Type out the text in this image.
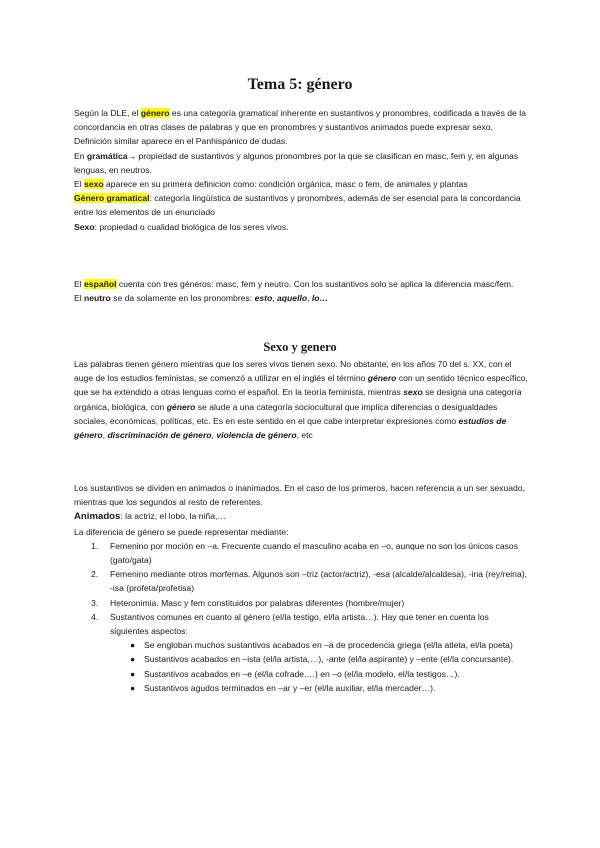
Tema 5: género

Según la DLE, el género es una categoría gramatical inherente en sustantivos y pronombres, codificada a través de la concordancia en otras clases de palabras y que en pronombres y sustantivos animados puede expresar sexo. Definición similar aparece en el Panhispánico de dudas.

En gramática→ propiedad de sustantivos y algunos pronombres por la que se clasifican en masc, fem y, en algunas lenguas, en neutros.

El sexo aparece en su primera definicion como: condición orgánica, masc o fem, de animales y plantas

Género gramatical: categoría lingüística de sustantivos y pronombres, además de ser esencial para la concordancia entre los elementos de un enunciado

Sexo: propiedad o cualidad biológica de los seres vivos.

El español cuenta con tres géneros: masc, fem y neutro. Con los sustantivos solo se aplica la diferencia masc/fem.

El neutro se da solamente en los pronombres: esto, aquello, lo…

Sexo y genero

Las palabras tienen género mientras que los seres vivos tienen sexo. No obstante, en los años 70 del s. XX, con el auge de los estudios feministas, se comenzó a utilizar en el inglés el término género con un sentido técnico específico, que se ha extendido a otras lenguas como el español. En la teoría feminista, mientras sexo se designa una categoría orgánica, biológica, con género se alude a una categoría sociocultural que implica diferencias o desigualdades sociales, económicas, políticas, etc. Es en este sentido en el que cabe interpretar expresiones como estudios de género, discriminación de género, violencia de género, etc

Los sustantivos se dividen en animados o inanimados. En el caso de los primeros, hacen referencia a un ser sexuado, mientras que los segundos al resto de referentes.

Animados: la actriz, el lobo, la niña,…

La diferencia de género se puede representar mediante:

1. Femenino por moción en –a. Frecuente cuando el masculino acaba en –o, aunque no son los únicos casos (gato/gata)
2. Femenino mediante otros morfemas. Algunos son –triz (actor/actriz), -esa (alcalde/alcaldesa), -ina (rey/reina), -isa (profeta/profetisa)
3. Heteronimia. Masc y fem constituidos por palabras diferentes (hombre/mujer)
4. Sustantivos comunes en cuanto al género (el/la testigo, el/la artista…). Hay que tener en cuenta los siguientes aspectos:
● Se engloban muchos sustantivos acabados en –a de procedencia griega (el/la atleta, el/la poeta)
● Sustantivos acabados en –ista (el/la artista,…), -ante (el/la aspirante) y –ente (el/la concursante).
● Sustantivos acabados en –e (el/la cofrade,…) en –o (el/la modelo, el/la testigos…).
● Sustantivos agudos terminados en –ar y –er (el/la auxiliar, el/la mercader…).
